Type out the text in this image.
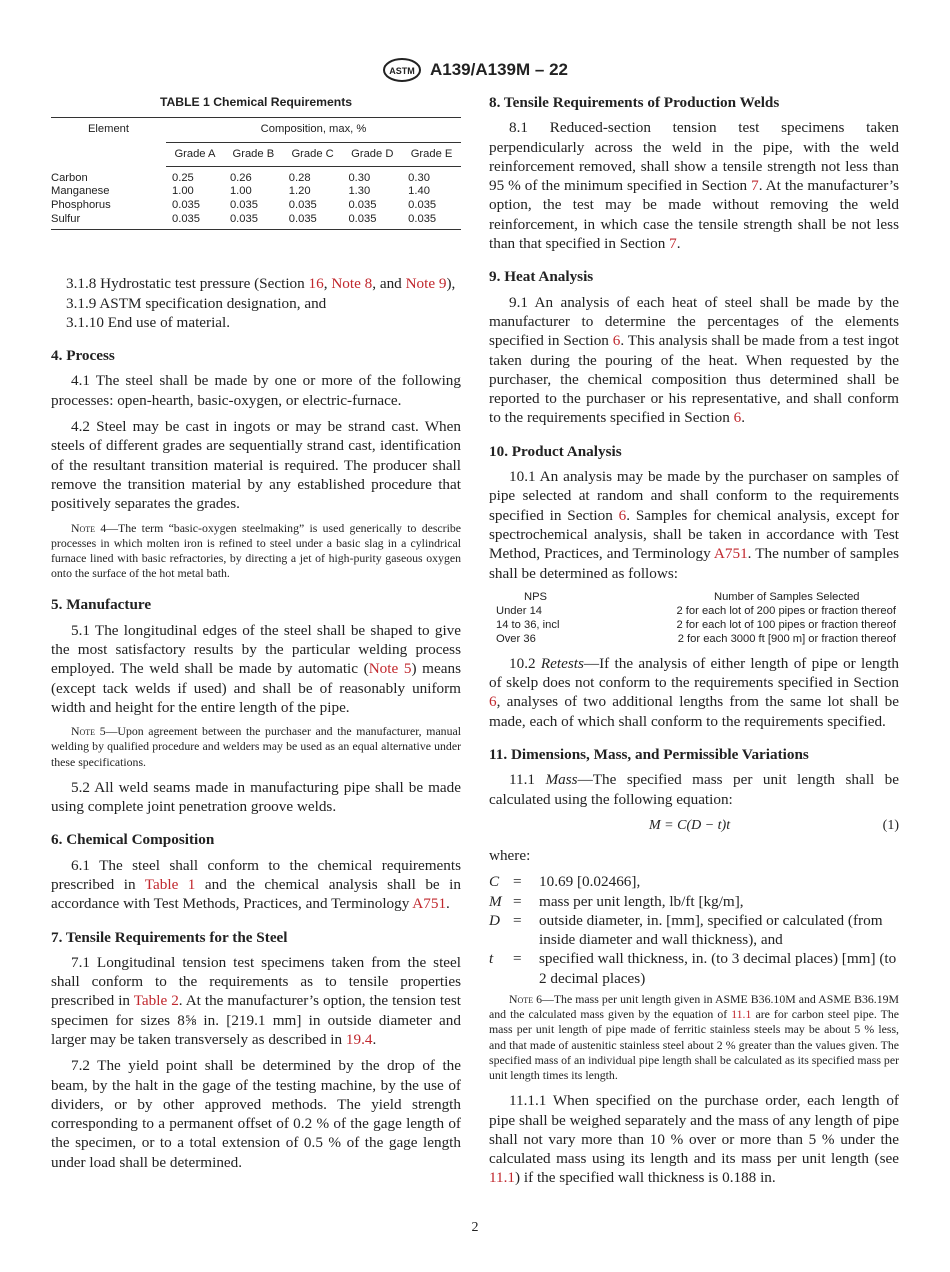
ASTM A139/A139M – 22
TABLE 1 Chemical Requirements
Element	Composition, max, %				
	Grade A	Grade B	Grade C	Grade D	Grade E
Carbon	0.25	0.26	0.28	0.30	0.30
Manganese	1.00	1.00	1.20	1.30	1.40
Phosphorus	0.035	0.035	0.035	0.035	0.035
Sulfur	0.035	0.035	0.035	0.035	0.035

3.1.8 Hydrostatic test pressure (Section 16, Note 8, and Note 9),

3.1.9 ASTM specification designation, and

3.1.10 End use of material.

4. Process

4.1 The steel shall be made by one or more of the following processes: open-hearth, basic-oxygen, or electric-furnace.

4.2 Steel may be cast in ingots or may be strand cast. When steels of different grades are sequentially strand cast, identification of the resultant transition material is required. The producer shall remove the transition material by any established procedure that positively separates the grades.

Note 4—The term “basic-oxygen steelmaking” is used generically to describe processes in which molten iron is refined to steel under a basic slag in a cylindrical furnace lined with basic refractories, by directing a jet of high-purity gaseous oxygen onto the surface of the hot metal bath.
5. Manufacture

5.1 The longitudinal edges of the steel shall be shaped to give the most satisfactory results by the particular welding process employed. The weld shall be made by automatic (Note 5) means (except tack welds if used) and shall be of reasonably uniform width and height for the entire length of the pipe.

Note 5—Upon agreement between the purchaser and the manufacturer, manual welding by qualified procedure and welders may be used as an equal alternative under these specifications.

5.2 All weld seams made in manufacturing pipe shall be made using complete joint penetration groove welds.

6. Chemical Composition

6.1 The steel shall conform to the chemical requirements prescribed in Table 1 and the chemical analysis shall be in accordance with Test Methods, Practices, and Terminology A751.

7. Tensile Requirements for the Steel

7.1 Longitudinal tension test specimens taken from the steel shall conform to the requirements as to tensile properties prescribed in Table 2. At the manufacturer’s option, the tension test specimen for sizes 8⅝ in. [219.1 mm] in outside diameter and larger may be taken transversely as described in 19.4.

7.2 The yield point shall be determined by the drop of the beam, by the halt in the gage of the testing machine, by the use of dividers, or by other approved methods. The yield strength corresponding to a permanent offset of 0.2 % of the gage length of the specimen, or to a total extension of 0.5 % of the gage length under load shall be determined.

8. Tensile Requirements of Production Welds

8.1 Reduced-section tension test specimens taken perpendicularly across the weld in the pipe, with the weld reinforcement removed, shall show a tensile strength not less than 95 % of the minimum specified in Section 7. At the manufacturer’s option, the test may be made without removing the weld reinforcement, in which case the tensile strength shall be not less than that specified in Section 7.

9. Heat Analysis

9.1 An analysis of each heat of steel shall be made by the manufacturer to determine the percentages of the elements specified in Section 6. This analysis shall be made from a test ingot taken during the pouring of the heat. When requested by the purchaser, the chemical composition thus determined shall be reported to the purchaser or his representative, and shall conform to the requirements specified in Section 6.

10. Product Analysis

10.1 An analysis may be made by the purchaser on samples of pipe selected at random and shall conform to the requirements specified in Section 6. Samples for chemical analysis, except for spectrochemical analysis, shall be taken in accordance with Test Method, Practices, and Terminology A751. The number of samples shall be determined as follows:

NPS	Number of Samples Selected
Under 14	2 for each lot of 200 pipes or fraction thereof
14 to 36, incl	2 for each lot of 100 pipes or fraction thereof
Over 36	2 for each 3000 ft [900 m] or fraction thereof

10.2 Retests—If the analysis of either length of pipe or length of skelp does not conform to the requirements specified in Section 6, analyses of two additional lengths from the same lot shall be made, each of which shall conform to the requirements specified.

11. Dimensions, Mass, and Permissible Variations

11.1 Mass—The specified mass per unit length shall be calculated using the following equation:

M = C(D − t)t	(1)

where:

C =	10.69 [0.02466],
M =	mass per unit length, lb/ft [kg/m],
D =	outside diameter, in. [mm], specified or calculated (from inside diameter and wall thickness), and
t	=	specified wall thickness, in. (to 3 decimal places) [mm] (to 2 decimal places)
Note 6—The mass per unit length given in ASME B36.10M and ASME B36.19M and the calculated mass given by the equation of 11.1 are for carbon steel pipe. The mass per unit length of pipe made of ferritic stainless steels may be about 5 % less, and that made of austenitic stainless steel about 2 % greater than the values given. The specified mass of an individual pipe length shall be calculated as its specified mass per unit length times its length.

11.1.1 When specified on the purchase order, each length of pipe shall be weighed separately and the mass of any length of pipe shall not vary more than 10 % over or more than 5 % under the calculated mass using its length and its mass per unit length (see 11.1) if the specified wall thickness is 0.188 in.

2
